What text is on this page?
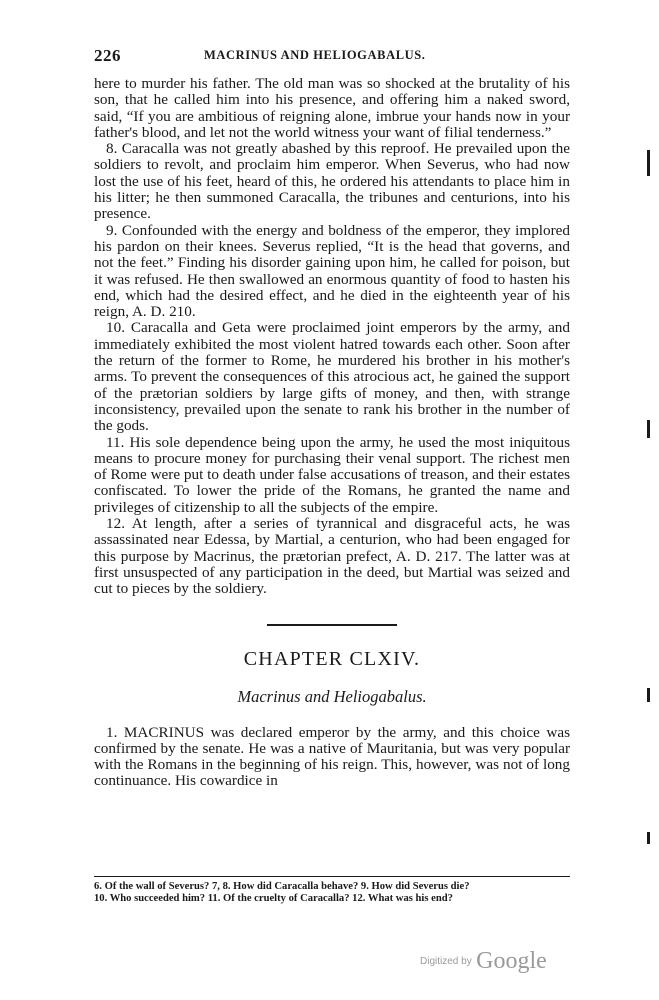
226	MACRINUS AND HELIOGABALUS.

here to murder his father. The old man was so shocked at the brutality of his son, that he called him into his presence, and offering him a naked sword, said, “If you are ambitious of reigning alone, imbrue your hands now in your father's blood, and let not the world witness your want of filial tenderness.”

8. Caracalla was not greatly abashed by this reproof. He prevailed upon the soldiers to revolt, and proclaim him emperor. When Severus, who had now lost the use of his feet, heard of this, he ordered his attendants to place him in his litter; he then summoned Caracalla, the tribunes and centurions, into his presence.

9. Confounded with the energy and boldness of the emperor, they implored his pardon on their knees. Severus replied, “It is the head that governs, and not the feet.” Finding his disorder gaining upon him, he called for poison, but it was refused. He then swallowed an enormous quantity of food to hasten his end, which had the desired effect, and he died in the eighteenth year of his reign, A. D. 210.

10. Caracalla and Geta were proclaimed joint emperors by the army, and immediately exhibited the most violent hatred towards each other. Soon after the return of the former to Rome, he murdered his brother in his mother's arms. To prevent the consequences of this atrocious act, he gained the support of the prætorian soldiers by large gifts of money, and then, with strange inconsistency, prevailed upon the senate to rank his brother in the number of the gods.

11. His sole dependence being upon the army, he used the most iniquitous means to procure money for purchasing their venal support. The richest men of Rome were put to death under false accusations of treason, and their estates confiscated. To lower the pride of the Romans, he granted the name and privileges of citizenship to all the subjects of the empire.

12. At length, after a series of tyrannical and disgraceful acts, he was assassinated near Edessa, by Martial, a centurion, who had been engaged for this purpose by Macrinus, the prætorian prefect, A. D. 217. The latter was at first unsuspected of any participation in the deed, but Martial was seized and cut to pieces by the soldiery.

CHAPTER CLXIV.
Macrinus and Heliogabalus.

1. MACRINUS was declared emperor by the army, and this choice was confirmed by the senate. He was a native of Mauritania, but was very popular with the Romans in the beginning of his reign. This, however, was not of long continuance. His cowardice in

6. Of the wall of Severus? 7, 8. How did Caracalla behave? 9. How did Severus die?
10. Who succeeded him? 11. Of the cruelty of Caracalla? 12. What was his end?
Digitized by Google
